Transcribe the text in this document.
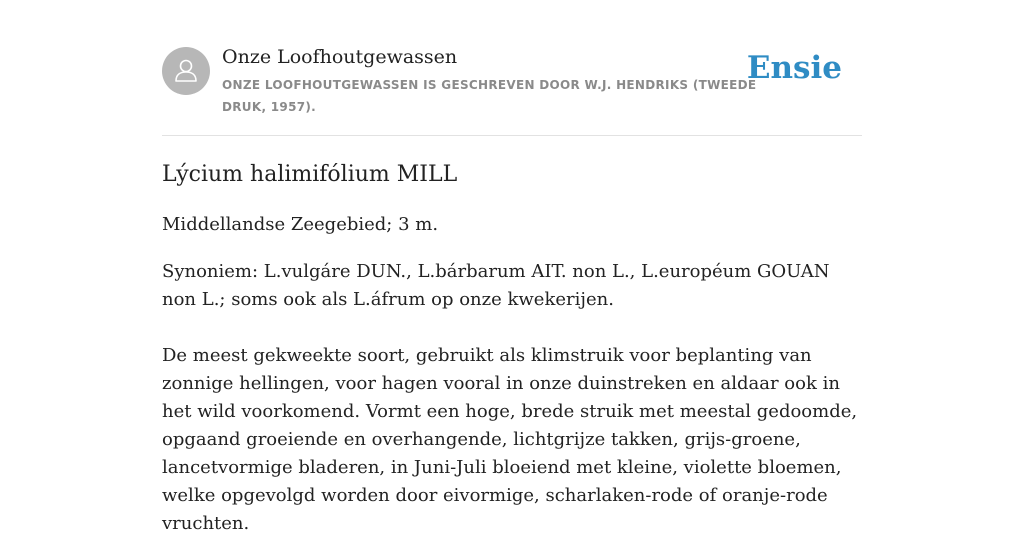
Onze Loofhoutgewassen
ONZE LOOFHOUTGEWASSEN IS GESCHREVEN DOOR W.J. HENDRIKS (TWEEDE DRUK, 1957).
Ensie
Lýcium halimifólium MILL

Middellandse Zeegebied; 3 m.

Synoniem: L.vulgáre DUN., L.bárbarum AIT. non L., L.européum GOUAN non L.; soms ook als L.áfrum op onze kwekerijen.

De meest gekweekte soort, gebruikt als klimstruik voor beplanting van zonnige hellingen, voor hagen vooral in onze duinstreken en aldaar ook in het wild voorkomend. Vormt een hoge, brede struik met meestal gedoomde, opgaand groeiende en overhangende, lichtgrijze takken, grijs-groene, lancetvormige bladeren, in Juni-Juli bloeiend met kleine, violette bloemen, welke opgevolgd worden door eivormige, scharlaken-rode of oranje-rode vruchten.
